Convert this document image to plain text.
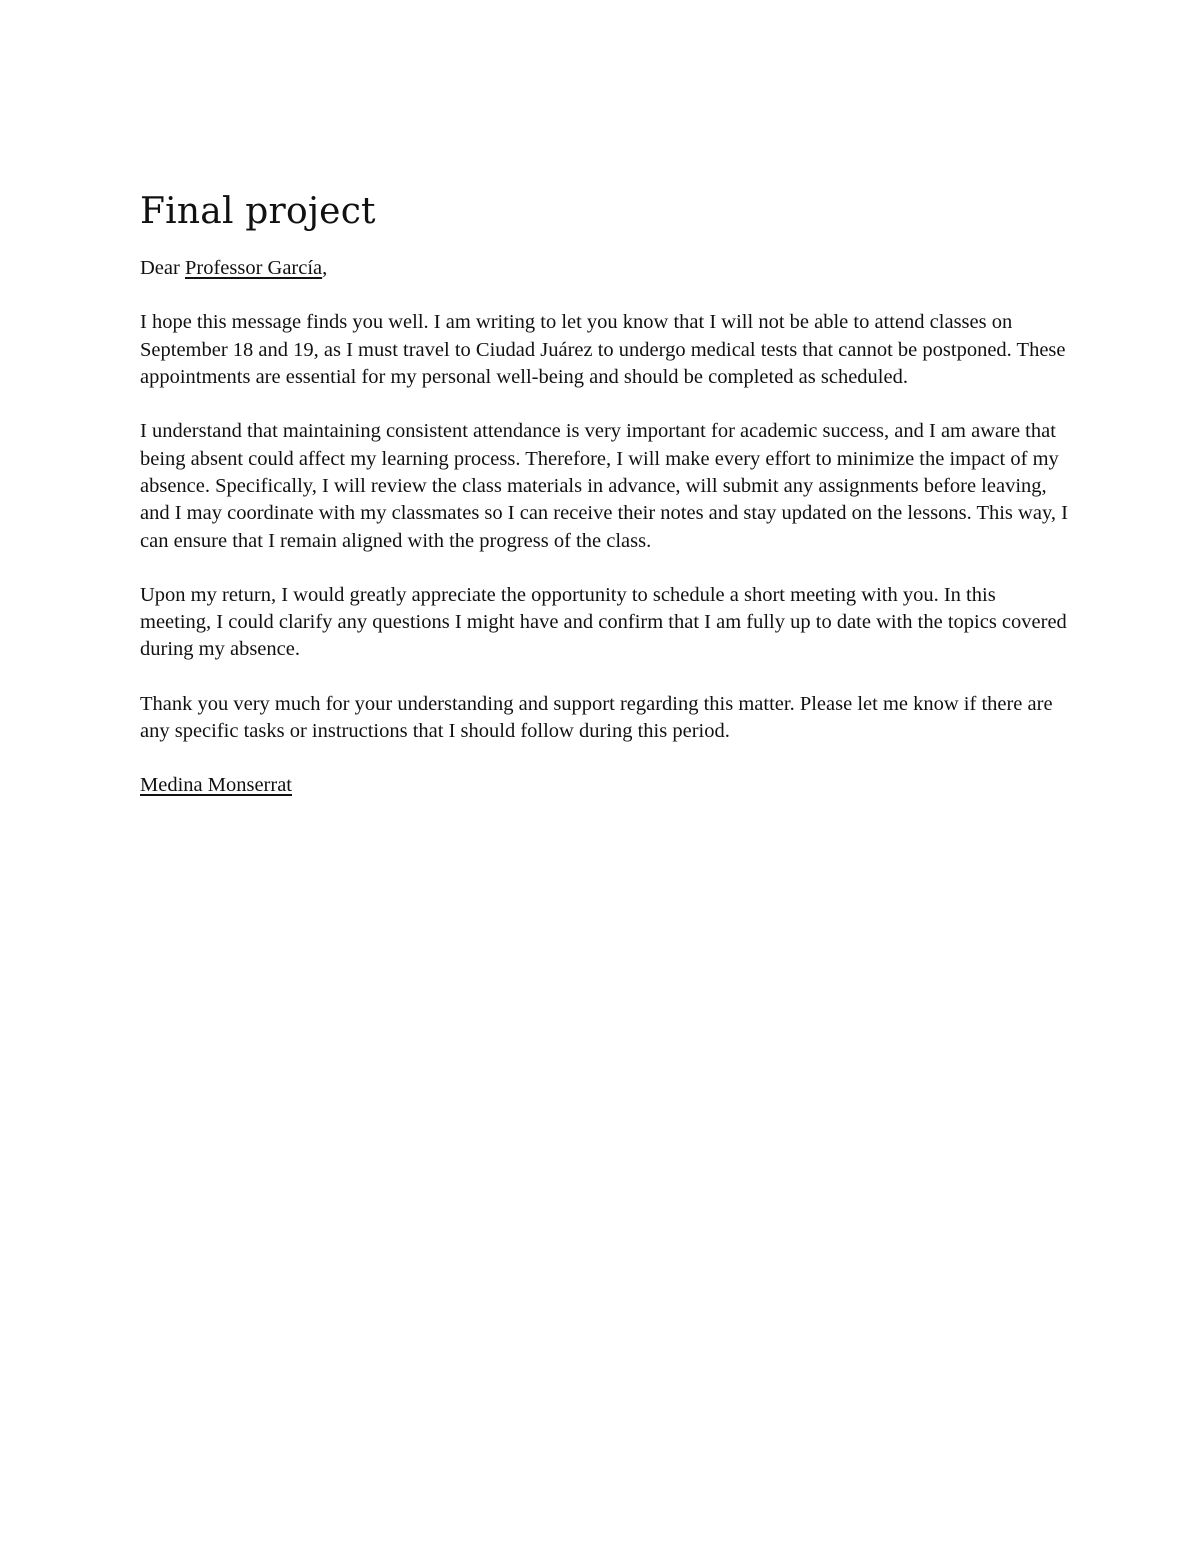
Final project

Dear Professor García,

I hope this message finds you well. I am writing to let you know that I will not be able to attend classes on September 18 and 19, as I must travel to Ciudad Juárez to undergo medical tests that cannot be postponed. These appointments are essential for my personal well-being and should be completed as scheduled.

I understand that maintaining consistent attendance is very important for academic success, and I am aware that being absent could affect my learning process. Therefore, I will make every effort to minimize the impact of my absence. Specifically, I will review the class materials in advance, will submit any assignments before leaving, and I may coordinate with my classmates so I can receive their notes and stay updated on the lessons. This way, I can ensure that I remain aligned with the progress of the class.

Upon my return, I would greatly appreciate the opportunity to schedule a short meeting with you. In this meeting, I could clarify any questions I might have and confirm that I am fully up to date with the topics covered during my absence.

Thank you very much for your understanding and support regarding this matter. Please let me know if there are any specific tasks or instructions that I should follow during this period.

Medina Monserrat
